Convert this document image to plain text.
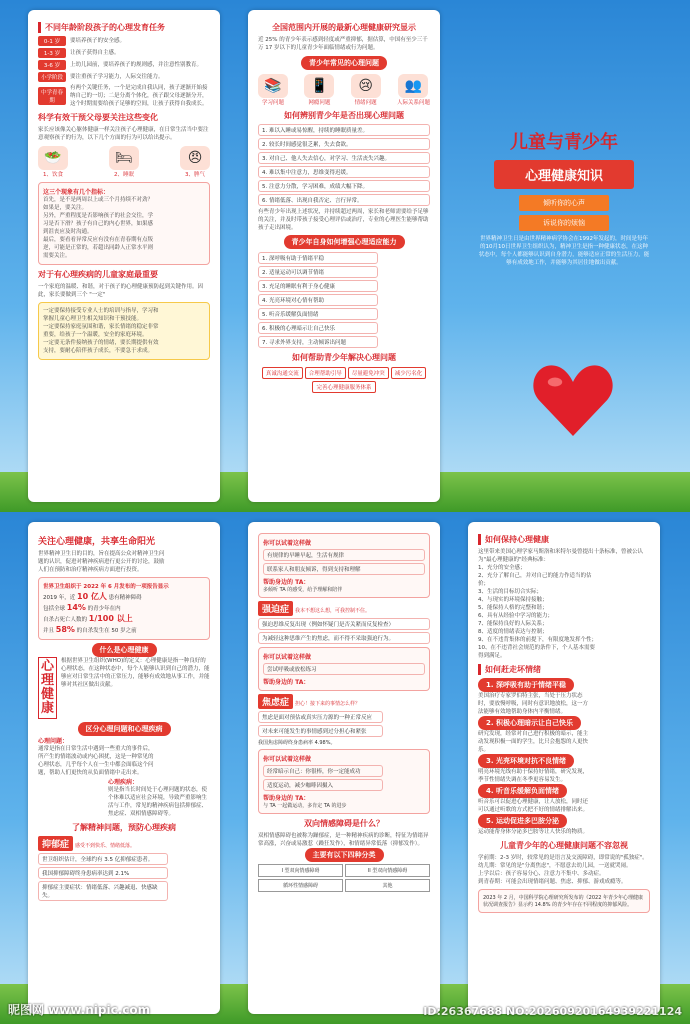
不同年龄阶段孩子的心理发育任务
0-1 岁	要培养孩子的安全感。
1-3 岁	让孩子获得自主感。
3-6 岁	上幼儿园前，要培养孩子的规则感，并注意性别教育。
小学阶段	要注重孩子学习能力，人际交往能力。
中学青春期
有两个关键任务，一个是完成自我认同，孩子逐渐开始接纳自己的一切；二是分离个体化，孩子跟父母逐渐分开，这个时期需要给孩子足够的空间，让孩子获得自我成长。
科学有效干预父母要关注这些变化
家长应该像关心躯体健康一样关注孩子心理健康，在日常生活当中要注意观察孩子的行为，以下几个方面的行为可以给出提示。
🥗
1、饮食
🛏
2、睡眠
😠
3、脾气
这三个现象有几个指标：
首先，是不是两周以上或三个月持续不对劲？如果是，要关注。
另外，严重程度是否影响孩子的社会交往，学习是否下滑？孩子有自己的内心世界，如果感到沮丧应及时沟通。
最后，要看看异常反应有没有在青春期有点叛逆，可能是正常的，若超出同龄人正常水平则需要关注。
对于有心理疾病的儿童家庭最重要
一个家庭的温暖、和谐，对于孩子的心理健康预防起到关键作用。因此，家长要做到三个 "一定"
一定要保持接受专业人士的培训与指导，学习和掌握儿童心理卫生相关知识和干预技能。
一定要保持家庭氛围和谐，家长情绪的稳定非常重要，给孩子一个温暖，安全的家庭环境。
一定要无条件接纳孩子的情绪，要长期提供有效支持，要耐心陪伴孩子成长，不要急于求成。
全国范围内开展的最新心理健康研究显示
近 25% 的青少年表示感到轻度或严重抑郁，据估算，中国有至少三千万 17 岁以下的儿童青少年面临情绪或行为问题。
青少年常见的心理问题
📚
学习问题
📱
网瘾问题
😢
情绪问题
👥
人际关系问题
如何辨别青少年是否出现心理问题
1. 难以入睡或易惊醒，持续的睡眠质量差。
2. 较长时间感觉很乏累，失去食欲。
3. 对自己、他人失去信心，对学习、生活丧失兴趣。
4. 难以集中注意力，思维变得迟缓。
5. 注意力分散，学习困难，成绩大幅下降。
6. 情绪低落、出现自我否定、言行异常。
有些青少年出现上述状况，并持续超过两周，家长和老师需要给予足够的关注，并及时带孩子接受心理评估或治疗，专业的心理医生能够帮助孩子走出困境。
青少年自身如何增强心理适应能力
1. 深呼吸有助于情绪平稳
2. 适量运动可以调节情绪
3. 充足的睡眠有利于身心健康
4. 光亮环境对心情有帮助
5. 听音乐缓解负面情绪
6. 积极的心理暗示让自己快乐
7. 寻求外界支持，主动倾诉出问题
如何帮助青少年解决心理问题
真诚沟通交流 合理帮助引导 尽量避免冲突 减少污名化完善心理健康服务体系
儿童与青少年
心理健康知识
倾听你的心声
诉说你的烦恼
世界精神卫生日是由世界精神病学协会在1992年发起的，时间是每年的10月10日世界卫生组织认为，精神卫生是指一种健康状态，在这种状态中，每个人都能够认识到自身潜力，能够适应正常的生活压力，能够有成效地工作，并能够为其居住地做出贡献。
关注心理健康，共享生命阳光
世界精神卫生日的目的，旨在提高公众对精神卫生问题的认识，促进对精神疾病进行更公开的讨论，鼓励人们在预防和治疗精神疾病方面进行投资。
世界卫生组织于 2022 年 6 月发布的一项报告显示
2019 年，近 10 亿人 患有精神障碍
包括全球 14% 的青少年在内
自杀占死亡人数的 1/100 以上
并且 58% 的自杀发生在 50 岁之前
什么是心理健康
心 理
健 康
根据世界卫生组织(WHO)的定义：心理健康是指一种良好的心理状态，在这种状态中，每个人能够认识到自己的潜力，能够应对日常生活中的正常压力，能够有成效地从事工作，并能够对其社区做出贡献。
区分心理问题和心理疾病
心理问题：
通常是指在日常生活中遇到一些重大的事件后，所产生的情绪波动或内心困扰，这是一种常见的心理状态，几乎每个人在一生中都会面临这个问题，帮助人们更快的从负面情绪中走出来。
心理疾病：
则是指当长时间处于心理问题的状态，使个体难以适应社会环境，导致严重影响生活与工作，常见的精神疾病包括抑郁症、焦虑症、双相情感障碍等。
了解精神问题，预防心理疾病
抑郁症 感受不到快乐、情绪低落。
世卫组织估计，全球约有 3.5 亿抑郁症患者。
我国抑郁障碍终身患病率达到 2.1%
抑郁症主要症状：情绪低落、兴趣减退、快感缺失。
你可以试着这样做
有规律的早睡早起，生活有规律
联系家人和朋友倾诉，得到支持和理解
帮助身边的 TA：
多倾听 TA 的感受，给予理解和陪伴
强迫症 我本不想这么想，可我控制不住。
强迫思维反复出现（例如怀疑门是否关紧而反复检查）
为减轻这种思维产生的焦虑，而不得不采取强迫行为。
你可以试着这样做
尝试呼吸或放松练习
帮助身边的 TA：
焦虑症 担心！接下来的事情怎么样？
焦虑是面对预估或真实压力源的一种正常反应
对未来可能发生的事情感到过分担心和紧张
我国焦虑障碍终身患病率 4.98%。
你可以试着这样做
经常暗示自己：你很棒，你一定能成功
适度运动，减少咖啡因摄入
帮助身边的 TA：
与 TA 一起做运动，多肯定 TA 的进步
双向情感障碍是什么？
双相情感障碍也被称为躁郁症，是一种精神疾病的诊断，特征为情绪异常高涨，兴奋或易激惹（躁狂发作），和情绪异常低落（抑郁发作）。
主要有以下四种分类
I 型双向情感障碍	II 型双向情感障碍
循环性情感障碍	其他
如何保持心理健康
这里带来美国心理学家马斯洛和米特尔曼曾提出十条标准，曾被公认为"最心理健康的"经典标准：
1、充分的安全感；
2、充分了解自己，并对自己的能力作适当的估价；
3、生活的目标切合实际；
4、与现实的环境保持接触；
5、能保持人格的完整和谐；
6、具有从经验中学习的能力；
7、能保持良好的人际关系；
8、适度的情绪表达与控制；
9、在不违背集体的前提下，有限度地发挥个性；
10、在不违背社会规范的条件下，个人基本需要得到满足。
如何赶走坏情绪
1. 深呼吸有助于情绪平稳
美国治疗专家罗伯特主张，当处于压力状态时，要放慢呼吸，同时有意识地放松，这一方法能够有效地帮助身体内平衡情绪。
2. 积极心理暗示让自己快乐
研究发现，经常对自己进行积极的暗示，能主动发现积极一面的学生，比只会抱怨的人更快乐。
3. 光亮环境对抗不良情绪
明亮环境光线有助于保持好情绪，研究发现，季节性情绪失调在冬季更容易发生。
4. 听音乐缓解负面情绪
听音乐可以促进心理健康，让人放松，同时还可以通过听歌的方式把不好的情绪排解出来。
5. 运动促进多巴胺分泌
运动能帮身体分泌多巴胺等让人快乐的物质。
儿童青少年的心理健康问题不容忽视
学前期：2-3 岁时，较常见的是语言及交流障碍，即常说的"孤独症"。
幼儿期：常见的是"分离焦虑"，不愿意去幼儿园，一送就哭闹。
上学以后：孩子容易分心、注意力不集中、多动症。
到青春期：可能会出现情绪问题、焦虑、抑郁、游戏成瘾等。
2023 年 2 月，中国科学院心理研究所发布的《2022 年青少年心理健康状况调查报告》显示约 14.8% 的青少年存在不同程度的抑郁风险。
昵图网 www.nipic.com	ID:26367688 NO:20260920164939221124
